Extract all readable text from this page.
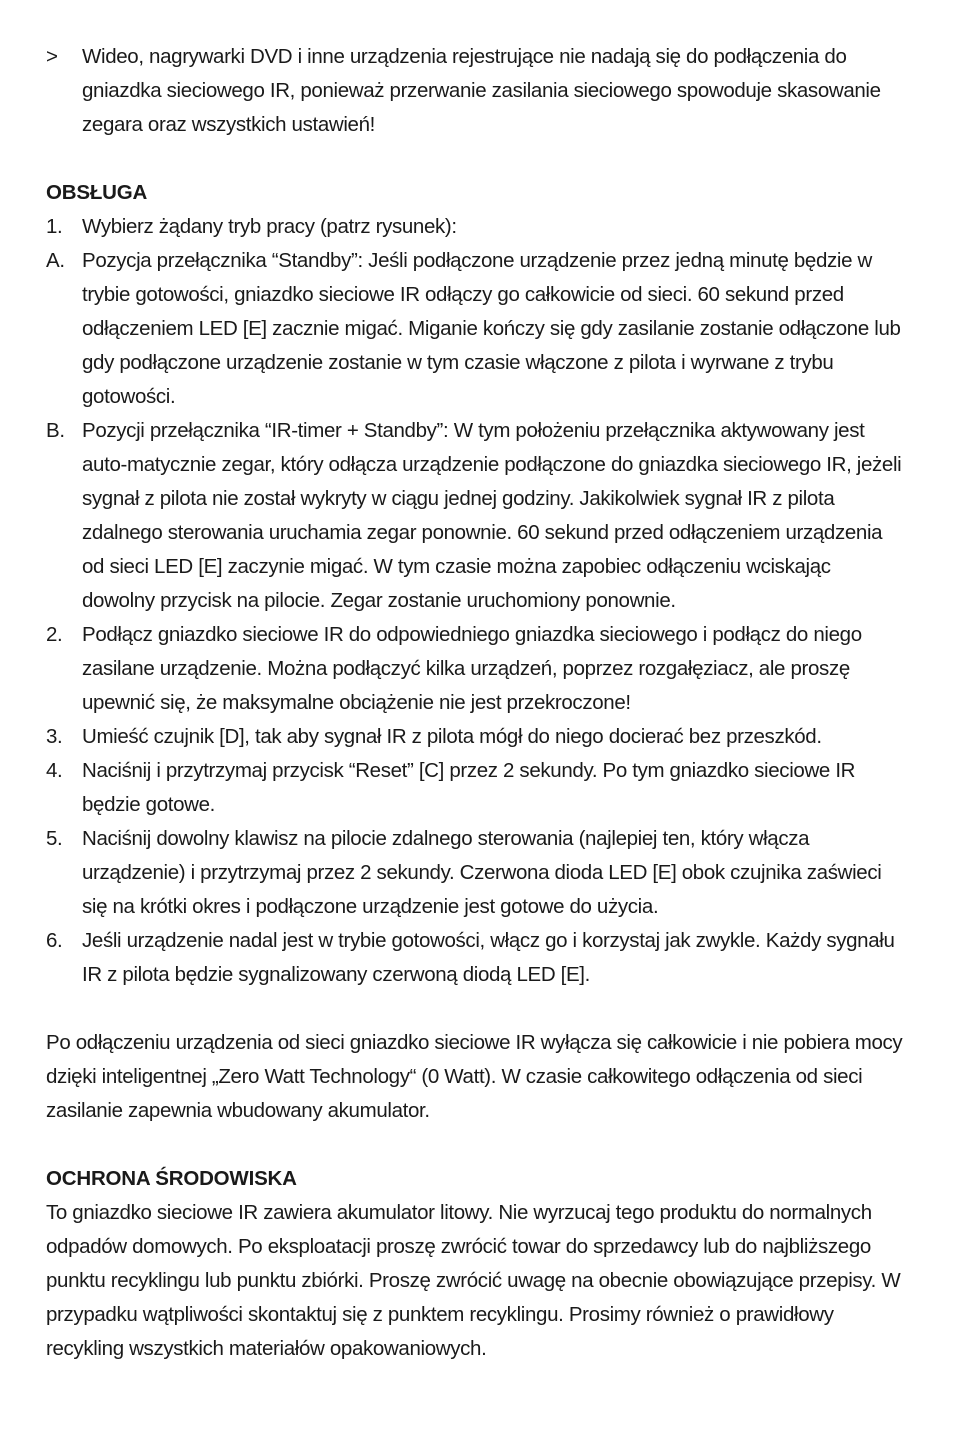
>	Wideo, nagrywarki DVD i inne urządzenia rejestrujące nie nadają się do podłączenia do gniazdka sieciowego IR, ponieważ przerwanie zasilania sieciowego spowoduje skasowanie zegara oraz wszystkich ustawień!
OBSŁUGA
1. Wybierz żądany tryb pracy (patrz rysunek):
A. Pozycja przełącznika “Standby”: Jeśli podłączone urządzenie przez jedną minutę będzie w trybie gotowości, gniazdko sieciowe IR odłączy go całkowicie od sieci. 60 sekund przed odłączeniem LED [E] zacznie migać. Miganie kończy się gdy zasilanie zostanie odłączone lub gdy podłączone urządzenie zostanie w tym czasie włączone z pilota i wyrwane z trybu gotowości.
B. Pozycji przełącznika “IR-timer + Standby”: W tym położeniu przełącznika aktywowany jest auto-matycznie zegar, który odłącza urządzenie podłączone do gniazdka sieciowego IR, jeżeli sygnał z pilota nie został wykryty w ciągu jednej godziny. Jakikolwiek sygnał IR z pilota zdalnego sterowania uruchamia zegar ponownie. 60 sekund przed odłączeniem urządzenia od sieci LED [E] zaczynie migać. W tym czasie można zapobiec odłączeniu wciskając dowolny przycisk na pilocie. Zegar zostanie uruchomiony ponownie.
2. Podłącz gniazdko sieciowe IR do odpowiedniego gniazdka sieciowego i podłącz do niego zasilane urządzenie. Można podłączyć kilka urządzeń, poprzez rozgałęziacz, ale proszę upewnić się, że maksymalne obciążenie nie jest przekroczone!
3. Umieść czujnik [D], tak aby sygnał IR z pilota mógł do niego docierać bez przeszkód.
4. Naciśnij i przytrzymaj przycisk “Reset” [C] przez 2 sekundy. Po tym gniazdko sieciowe IR będzie gotowe.
5. Naciśnij dowolny klawisz na pilocie zdalnego sterowania (najlepiej ten, który włącza urządzenie) i przytrzymaj przez 2 sekundy. Czerwona dioda LED [E] obok czujnika zaświeci się na krótki okres i podłączone urządzenie jest gotowe do użycia.
6. Jeśli urządzenie nadal jest w trybie gotowości, włącz go i korzystaj jak zwykle. Każdy sygnału IR z pilota będzie sygnalizowany czerwoną diodą LED [E].

Po odłączeniu urządzenia od sieci gniazdko sieciowe IR wyłącza się całkowicie i nie pobiera mocy dzięki inteligentnej „Zero Watt Technology“ (0 Watt). W czasie całkowitego odłączenia od sieci zasilanie zapewnia wbudowany akumulator.

OCHRONA ŚRODOWISKA

To gniazdko sieciowe IR zawiera akumulator litowy. Nie wyrzucaj tego produktu do normalnych odpadów domowych. Po eksploatacji proszę zwrócić towar do sprzedawcy lub do najbliższego punktu recyklingu lub punktu zbiórki. Proszę zwrócić uwagę na obecnie obowiązujące przepisy. W przypadku wątpliwości skontaktuj się z punktem recyklingu. Prosimy również o prawidłowy recykling wszystkich materiałów opakowaniowych.
